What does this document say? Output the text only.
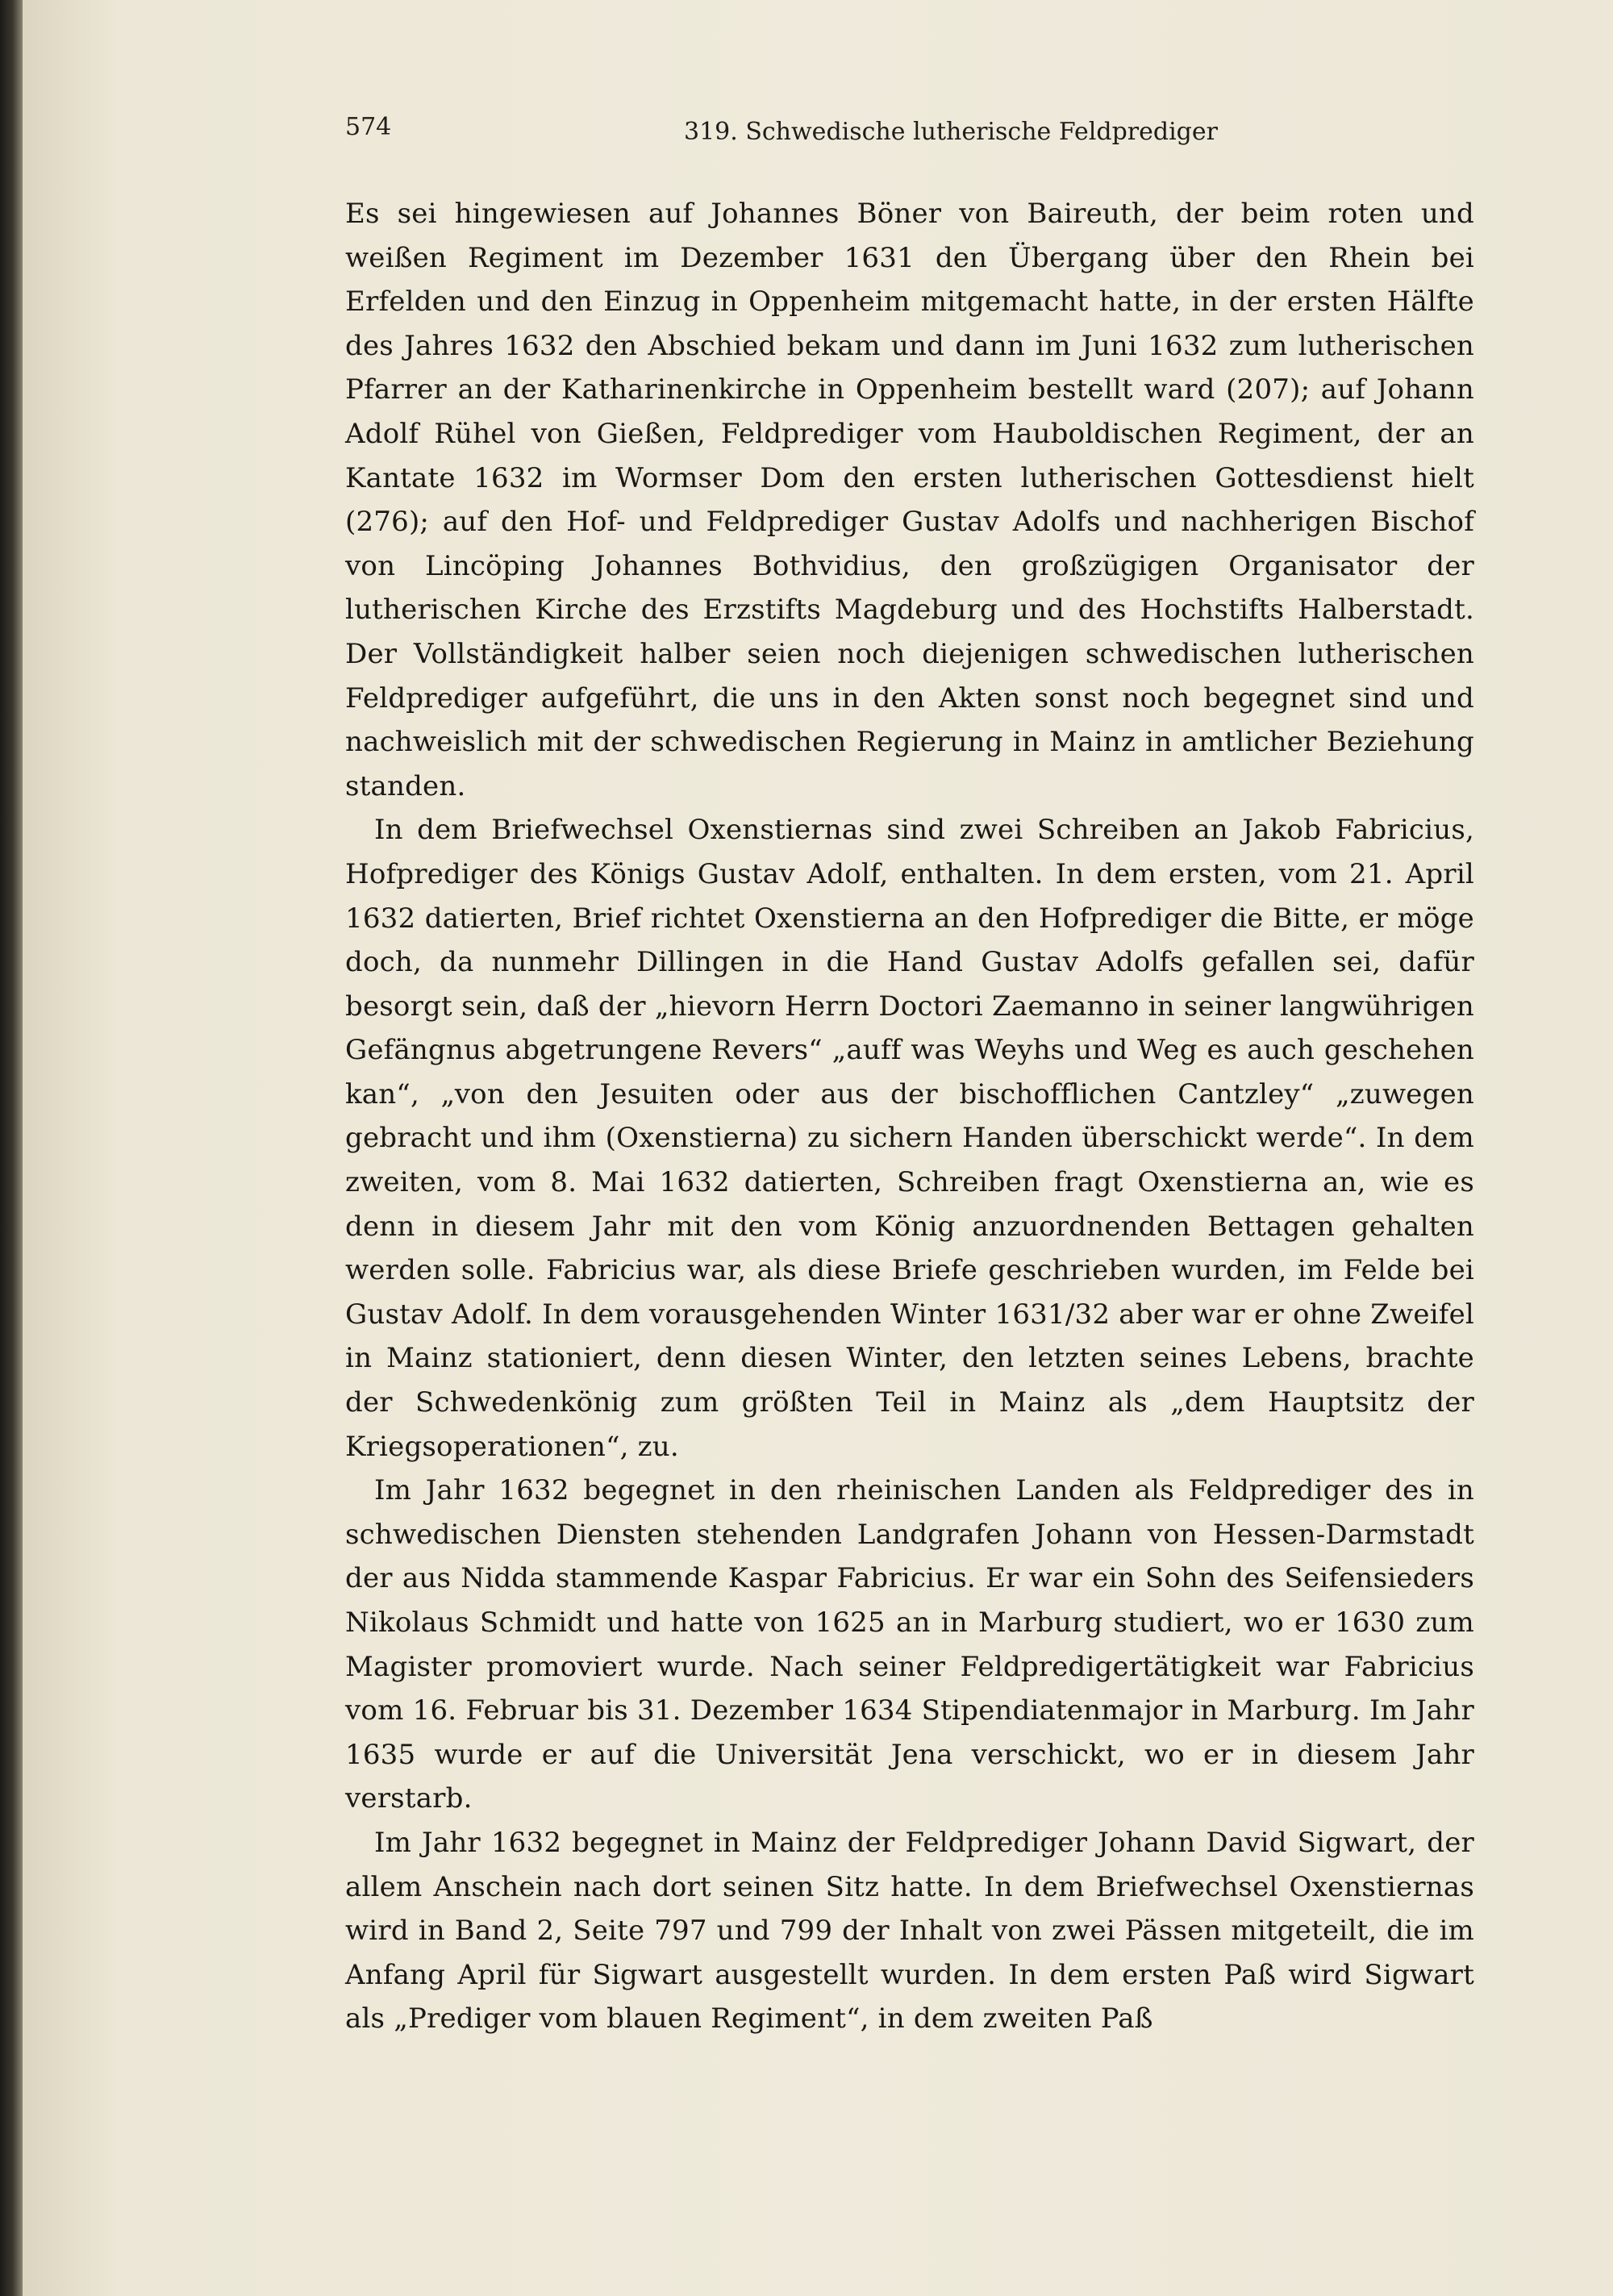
574	319. Schwedische lutherische Feldprediger

Es sei hingewiesen auf Johannes Böner von Baireuth, der beim roten und weißen Regiment im Dezember 1631 den Übergang über den Rhein bei Erfelden und den Einzug in Oppenheim mitgemacht hatte, in der ersten Hälfte des Jahres 1632 den Abschied bekam und dann im Juni 1632 zum lutherischen Pfarrer an der Katharinenkirche in Oppenheim bestellt ward (207); auf Johann Adolf Rühel von Gießen, Feldprediger vom Hauboldischen Regiment, der an Kantate 1632 im Wormser Dom den ersten lutherischen Gottesdienst hielt (276); auf den Hof- und Feldprediger Gustav Adolfs und nachherigen Bischof von Lincöping Johannes Bothvidius, den großzügigen Organisator der lutherischen Kirche des Erzstifts Magdeburg und des Hochstifts Halberstadt. Der Vollständigkeit halber seien noch diejenigen schwedischen lutherischen Feldprediger aufgeführt, die uns in den Akten sonst noch begegnet sind und nachweislich mit der schwedischen Regierung in Mainz in amtlicher Beziehung standen.

In dem Briefwechsel Oxenstiernas sind zwei Schreiben an Jakob Fabricius, Hofprediger des Königs Gustav Adolf, enthalten. In dem ersten, vom 21. April 1632 datierten, Brief richtet Oxenstierna an den Hofprediger die Bitte, er möge doch, da nunmehr Dillingen in die Hand Gustav Adolfs gefallen sei, dafür besorgt sein, daß der „hievorn Herrn Doctori Zaemanno in seiner langwührigen Gefängnus abgetrungene Revers“ „auff was Weyhs und Weg es auch geschehen kan“, „von den Jesuiten oder aus der bischofflichen Cantzley“ „zuwegen gebracht und ihm (Oxenstierna) zu sichern Handen überschickt werde“. In dem zweiten, vom 8. Mai 1632 datierten, Schreiben fragt Oxenstierna an, wie es denn in diesem Jahr mit den vom König anzuordnenden Bettagen gehalten werden solle. Fabricius war, als diese Briefe geschrieben wurden, im Felde bei Gustav Adolf. In dem vorausgehenden Winter 1631/32 aber war er ohne Zweifel in Mainz stationiert, denn diesen Winter, den letzten seines Lebens, brachte der Schwedenkönig zum größten Teil in Mainz als „dem Hauptsitz der Kriegsoperationen“, zu.

Im Jahr 1632 begegnet in den rheinischen Landen als Feldprediger des in schwedischen Diensten stehenden Landgrafen Johann von Hessen-Darmstadt der aus Nidda stammende Kaspar Fabricius. Er war ein Sohn des Seifensieders Nikolaus Schmidt und hatte von 1625 an in Marburg studiert, wo er 1630 zum Magister promoviert wurde. Nach seiner Feldpredigertätigkeit war Fabricius vom 16. Februar bis 31. Dezember 1634 Stipendiatenmajor in Marburg. Im Jahr 1635 wurde er auf die Universität Jena verschickt, wo er in diesem Jahr verstarb.

Im Jahr 1632 begegnet in Mainz der Feldprediger Johann David Sigwart, der allem Anschein nach dort seinen Sitz hatte. In dem Briefwechsel Oxenstiernas wird in Band 2, Seite 797 und 799 der Inhalt von zwei Pässen mitgeteilt, die im Anfang April für Sigwart ausgestellt wurden. In dem ersten Paß wird Sigwart als „Prediger vom blauen Regiment“, in dem zweiten Paß
